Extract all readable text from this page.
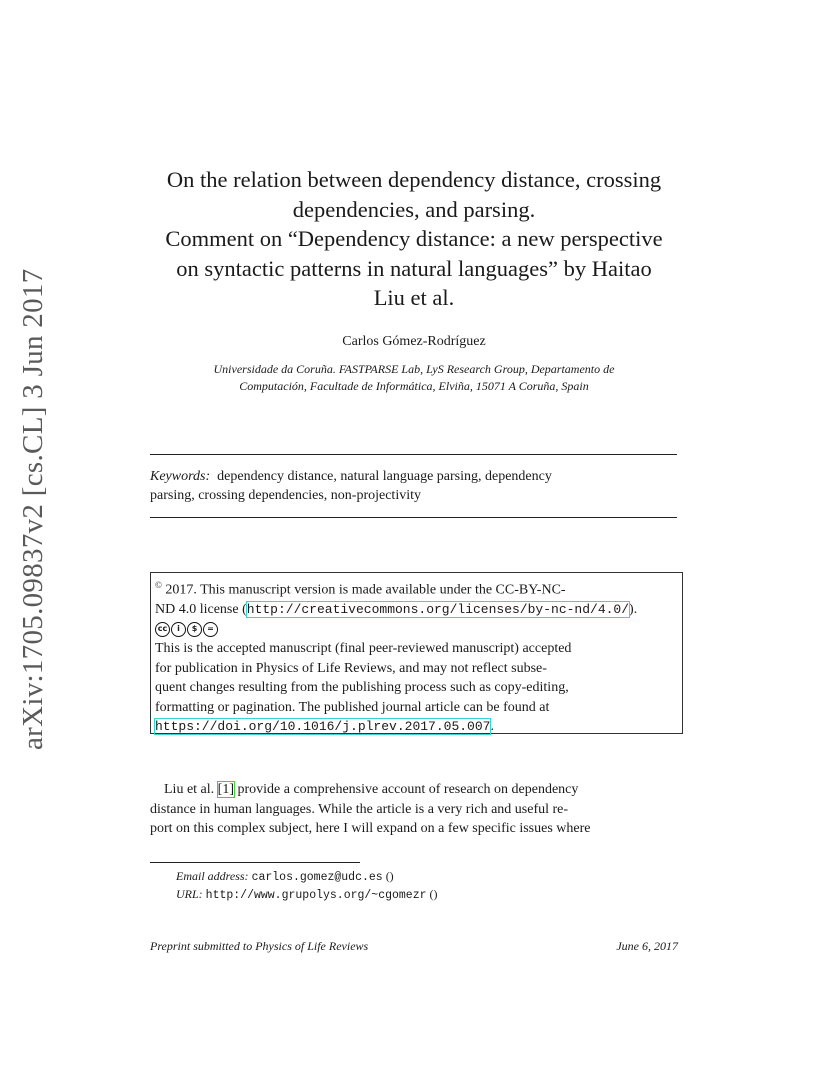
arXiv:1705.09837v2 [cs.CL] 3 Jun 2017
On the relation between dependency distance, crossing
dependencies, and parsing.
Comment on “Dependency distance: a new perspective
on syntactic patterns in natural languages” by Haitao
Liu et al.
Carlos Gómez-Rodríguez
Universidade da Coruña. FASTPARSE Lab, LyS Research Group, Departamento de
Computación, Facultade de Informática, Elviña, 15071 A Coruña, Spain
Keywords: dependency distance, natural language parsing, dependency
parsing, crossing dependencies, non-projectivity
© 2017. This manuscript version is made available under the CC-BY-NC-
ND 4.0 license (http://creativecommons.org/licenses/by-nc-nd/4.0/).
cc	i	$	=
This is the accepted manuscript (final peer-reviewed manuscript) accepted
for publication in Physics of Life Reviews, and may not reflect subse-
quent changes resulting from the publishing process such as copy-editing,
formatting or pagination. The published journal article can be found at
https://doi.org/10.1016/j.plrev.2017.05.007.
Liu et al. [1] provide a comprehensive account of research on dependency
distance in human languages. While the article is a very rich and useful re-
port on this complex subject, here I will expand on a few specific issues where
Email address: carlos.gomez@udc.es ()
URL: http://www.grupolys.org/~cgomezr ()
Preprint submitted to Physics of Life Reviews	June 6, 2017
